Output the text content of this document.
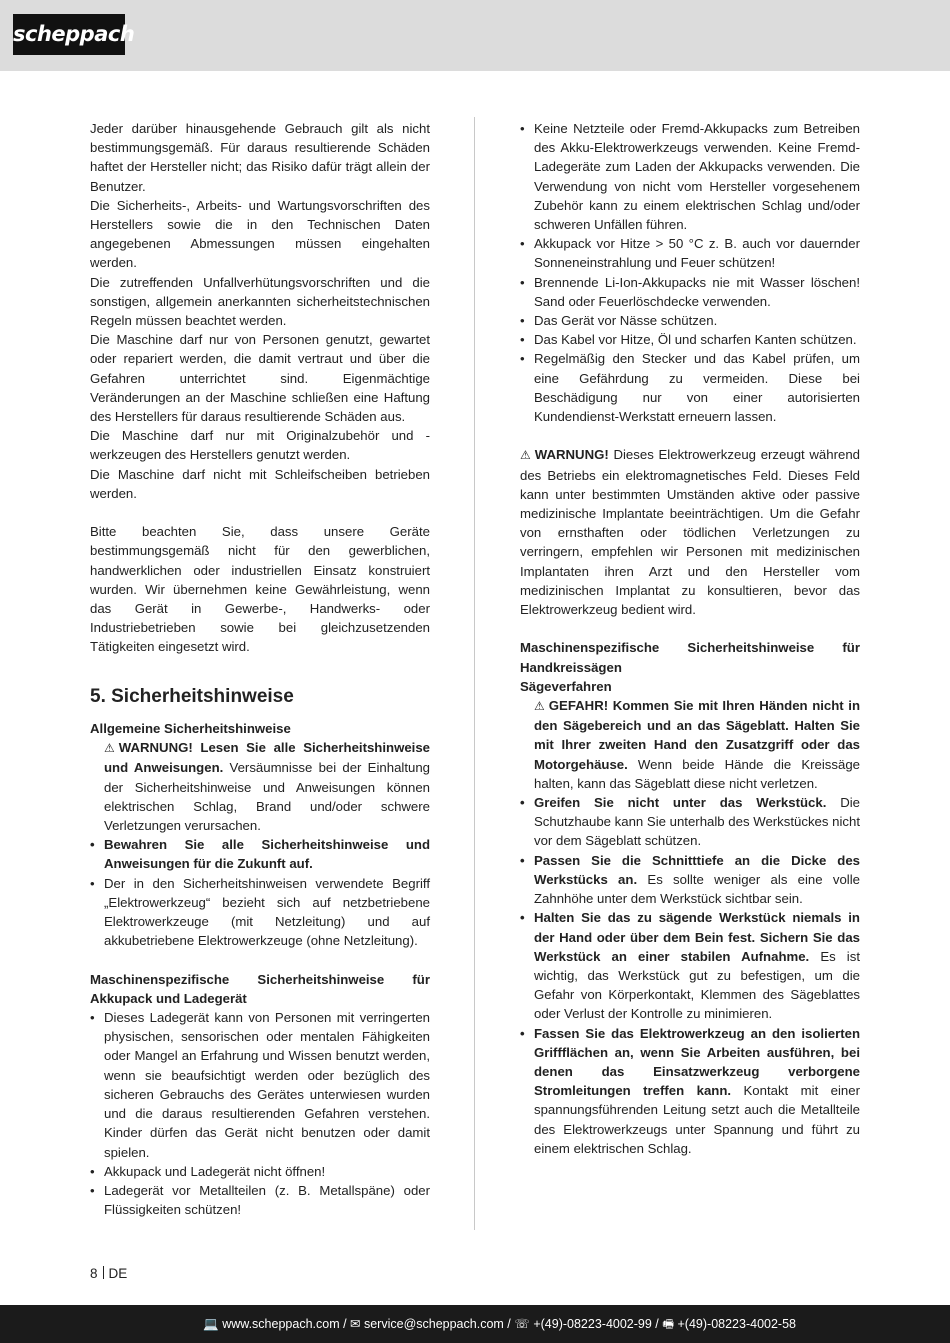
scheppach

Jeder darüber hinausgehende Gebrauch gilt als nicht bestimmungsgemäß. Für daraus resultierende Schäden haftet der Hersteller nicht; das Risiko dafür trägt allein der Benutzer.

Die Sicherheits-, Arbeits- und Wartungsvorschriften des Herstellers sowie die in den Technischen Daten angegebenen Abmessungen müssen eingehalten werden.

Die zutreffenden Unfallverhütungsvorschriften und die sonstigen, allgemein anerkannten sicherheitstechnischen Regeln müssen beachtet werden.

Die Maschine darf nur von Personen genutzt, gewartet oder repariert werden, die damit vertraut und über die Gefahren unterrichtet sind. Eigenmächtige Veränderungen an der Maschine schließen eine Haftung des Herstellers für daraus resultierende Schäden aus.

Die Maschine darf nur mit Originalzubehör und -werkzeugen des Herstellers genutzt werden.

Die Maschine darf nicht mit Schleifscheiben betrieben werden.

Bitte beachten Sie, dass unsere Geräte bestimmungsgemäß nicht für den gewerblichen, handwerklichen oder industriellen Einsatz konstruiert wurden. Wir übernehmen keine Gewährleistung, wenn das Gerät in Gewerbe-, Handwerks- oder Industriebetrieben sowie bei gleichzusetzenden Tätigkeiten eingesetzt wird.

5. Sicherheitshinweise

Allgemeine Sicherheitshinweise

⚠ WARNUNG! Lesen Sie alle Sicherheitshinweise und Anweisungen. Versäumnisse bei der Einhaltung der Sicherheitshinweise und Anweisungen können elektrischen Schlag, Brand und/oder schwere Verletzungen verursachen.

• Bewahren Sie alle Sicherheitshinweise und Anweisungen für die Zukunft auf.
• Der in den Sicherheitshinweisen verwendete Begriff „Elektrowerkzeug“ bezieht sich auf netzbetriebene Elektrowerkzeuge (mit Netzleitung) und auf akkubetriebene Elektrowerkzeuge (ohne Netzleitung).

Maschinenspezifische Sicherheitshinweise für Akkupack und Ladegerät

• Dieses Ladegerät kann von Personen mit verringerten physischen, sensorischen oder mentalen Fähigkeiten oder Mangel an Erfahrung und Wissen benutzt werden, wenn sie beaufsichtigt werden oder bezüglich des sicheren Gebrauchs des Gerätes unterwiesen wurden und die daraus resultierenden Gefahren verstehen. Kinder dürfen das Gerät nicht benutzen oder damit spielen.
• Akkupack und Ladegerät nicht öffnen!
• Ladegerät vor Metallteilen (z. B. Metallspäne) oder Flüssigkeiten schützen!
• Keine Netzteile oder Fremd-Akkupacks zum Betreiben des Akku-Elektrowerkzeugs verwenden. Keine Fremd-Ladegeräte zum Laden der Akkupacks verwenden. Die Verwendung von nicht vom Hersteller vorgesehenem Zubehör kann zu einem elektrischen Schlag und/oder schweren Unfällen führen.
• Akkupack vor Hitze > 50 °C z. B. auch vor dauernder Sonneneinstrahlung und Feuer schützen!
• Brennende Li-Ion-Akkupacks nie mit Wasser löschen! Sand oder Feuerlöschdecke verwenden.
• Das Gerät vor Nässe schützen.
• Das Kabel vor Hitze, Öl und scharfen Kanten schützen.
• Regelmäßig den Stecker und das Kabel prüfen, um eine Gefährdung zu vermeiden. Diese bei Beschädigung nur von einer autorisierten Kundendienst-Werkstatt erneuern lassen.

⚠ WARNUNG! Dieses Elektrowerkzeug erzeugt während des Betriebs ein elektromagnetisches Feld. Dieses Feld kann unter bestimmten Umständen aktive oder passive medizinische Implantate beeinträchtigen. Um die Gefahr von ernsthaften oder tödlichen Verletzungen zu verringern, empfehlen wir Personen mit medizinischen Implantaten ihren Arzt und den Hersteller vom medizinischen Implantat zu konsultieren, bevor das Elektrowerkzeug bedient wird.

Maschinenspezifische Sicherheitshinweise für Handkreissägen

Sägeverfahren

⚠ GEFAHR! Kommen Sie mit Ihren Händen nicht in den Sägebereich und an das Sägeblatt. Halten Sie mit Ihrer zweiten Hand den Zusatzgriff oder das Motorgehäuse. Wenn beide Hände die Kreissäge halten, kann das Sägeblatt diese nicht verletzen.

• Greifen Sie nicht unter das Werkstück. Die Schutzhaube kann Sie unterhalb des Werkstückes nicht vor dem Sägeblatt schützen.
• Passen Sie die Schnitttiefe an die Dicke des Werkstücks an. Es sollte weniger als eine volle Zahnhöhe unter dem Werkstück sichtbar sein.
• Halten Sie das zu sägende Werkstück niemals in der Hand oder über dem Bein fest. Sichern Sie das Werkstück an einer stabilen Aufnahme. Es ist wichtig, das Werkstück gut zu befestigen, um die Gefahr von Körperkontakt, Klemmen des Sägeblattes oder Verlust der Kontrolle zu minimieren.
• Fassen Sie das Elektrowerkzeug an den isolierten Griffflächen an, wenn Sie Arbeiten ausführen, bei denen das Einsatzwerkzeug verborgene Stromleitungen treffen kann. Kontakt mit einer spannungsführenden Leitung setzt auch die Metallteile des Elektrowerkzeugs unter Spannung und führt zu einem elektrischen Schlag.
8 DE
💻 www.scheppach.com / ✉ service@scheppach.com / ☏ +(49)-08223-4002-99 / 🖷 +(49)-08223-4002-58
